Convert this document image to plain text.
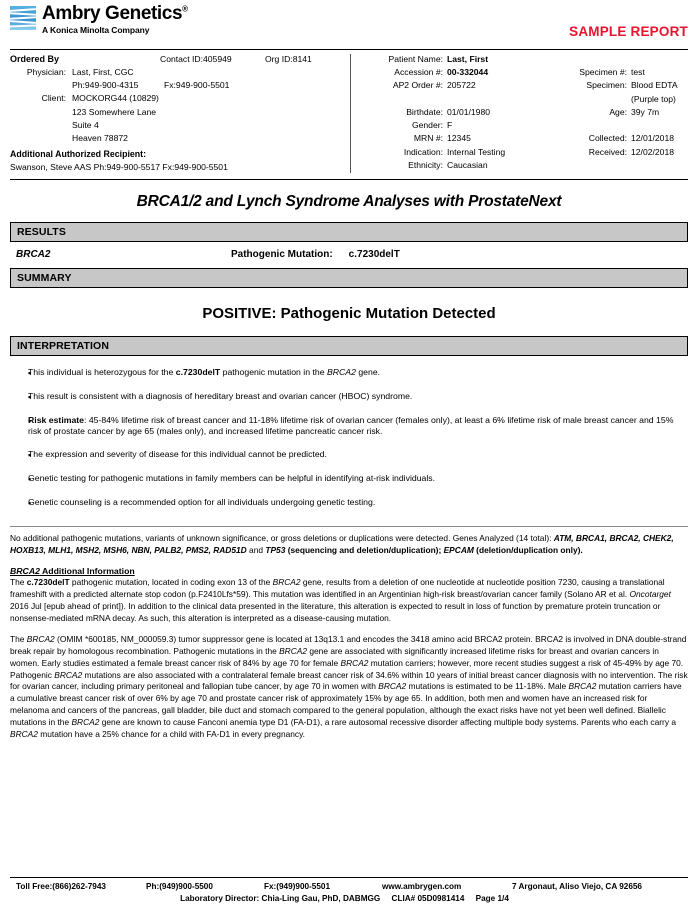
Ambry Genetics®
A Konica Minolta Company	SAMPLE REPORT
Ordered By	Contact ID:405949	Org ID:8141
Physician: Last, First, CGC
Ph:949-900-4315	Fx:949-900-5501
Client: MOCKORG44 (10829)
123 Somewhere Lane
Suite 4
Heaven 78872
Additional Authorized Recipient:
Swanson, Steve AAS Ph:949-900-5517 Fx:949-900-5501
Patient Name: Last, First
Accession #: 00-332044	Specimen #: test
AP2 Order #: 205722	Specimen: Blood EDTA
(Purple top)
Birthdate: 01/01/1980	Age: 39y 7m
Gender: F
MRN #: 12345	Collected: 12/01/2018
Indication: Internal Testing	Received: 12/02/2018
Ethnicity: Caucasian
BRCA1/2 and Lynch Syndrome Analyses with ProstateNext
RESULTS
BRCA2	Pathogenic Mutation: c.7230delT
SUMMARY
POSITIVE: Pathogenic Mutation Detected
INTERPRETATION
▪
This individual is heterozygous for the c.7230delT pathogenic mutation in the BRCA2 gene.
▪
This result is consistent with a diagnosis of hereditary breast and ovarian cancer (HBOC) syndrome.
▪
Risk estimate: 45-84% lifetime risk of breast cancer and 11-18% lifetime risk of ovarian cancer (females only), at least a 6% lifetime risk of male breast cancer and 15% risk of prostate cancer by age 65 (males only), and increased lifetime pancreatic cancer risk.
▪
The expression and severity of disease for this individual cannot be predicted.
▪
Genetic testing for pathogenic mutations in family members can be helpful in identifying at-risk individuals.
▪
Genetic counseling is a recommended option for all individuals undergoing genetic testing.

No additional pathogenic mutations, variants of unknown significance, or gross deletions or duplications were detected. Genes Analyzed (14 total): ATM, BRCA1, BRCA2, CHEK2, HOXB13, MLH1, MSH2, MSH6, NBN, PALB2, PMS2, RAD51D and TP53 (sequencing and deletion/duplication); EPCAM (deletion/duplication only).

BRCA2 Additional Information

The c.7230delT pathogenic mutation, located in coding exon 13 of the BRCA2 gene, results from a deletion of one nucleotide at nucleotide position 7230, causing a translational frameshift with a predicted alternate stop codon (p.F2410Lfs*59). This mutation was identified in an Argentinian high-risk breast/ovarian cancer family (Solano AR et al. Oncotarget 2016 Jul [epub ahead of print]). In addition to the clinical data presented in the literature, this alteration is expected to result in loss of function by premature protein truncation or nonsense-mediated mRNA decay. As such, this alteration is interpreted as a disease-causing mutation.

The BRCA2 (OMIM *600185, NM_000059.3) tumor suppressor gene is located at 13q13.1 and encodes the 3418 amino acid BRCA2 protein. BRCA2 is involved in DNA double-strand break repair by homologous recombination. Pathogenic mutations in the BRCA2 gene are associated with significantly increased lifetime risks for breast and ovarian cancers in women. Early studies estimated a female breast cancer risk of 84% by age 70 for female BRCA2 mutation carriers; however, more recent studies suggest a risk of 45-49% by age 70. Pathogenic BRCA2 mutations are also associated with a contralateral female breast cancer risk of 34.6% within 10 years of initial breast cancer diagnosis with no intervention. The risk for ovarian cancer, including primary peritoneal and fallopian tube cancer, by age 70 in women with BRCA2 mutations is estimated to be 11-18%. Male BRCA2 mutation carriers have a cumulative breast cancer risk of over 6% by age 70 and prostate cancer risk of approximately 15% by age 65. In addition, both men and women have an increased risk for melanoma and cancers of the pancreas, gall bladder, bile duct and stomach compared to the general population, although the exact risks have not yet been well defined. Biallelic mutations in the BRCA2 gene are known to cause Fanconi anemia type D1 (FA-D1), a rare autosomal recessive disorder affecting multiple body systems. Parents who each carry a BRCA2 mutation have a 25% chance for a child with FA-D1 in every pregnancy.

Toll Free:(866)262-7943	Ph:(949)900-5500	Fx:(949)900-5501	www.ambrygen.com	7 Argonaut, Aliso Viejo, CA 92656
Laboratory Director: Chia-Ling Gau, PhD, DABMGG CLIA# 05D0981414 Page 1/4
